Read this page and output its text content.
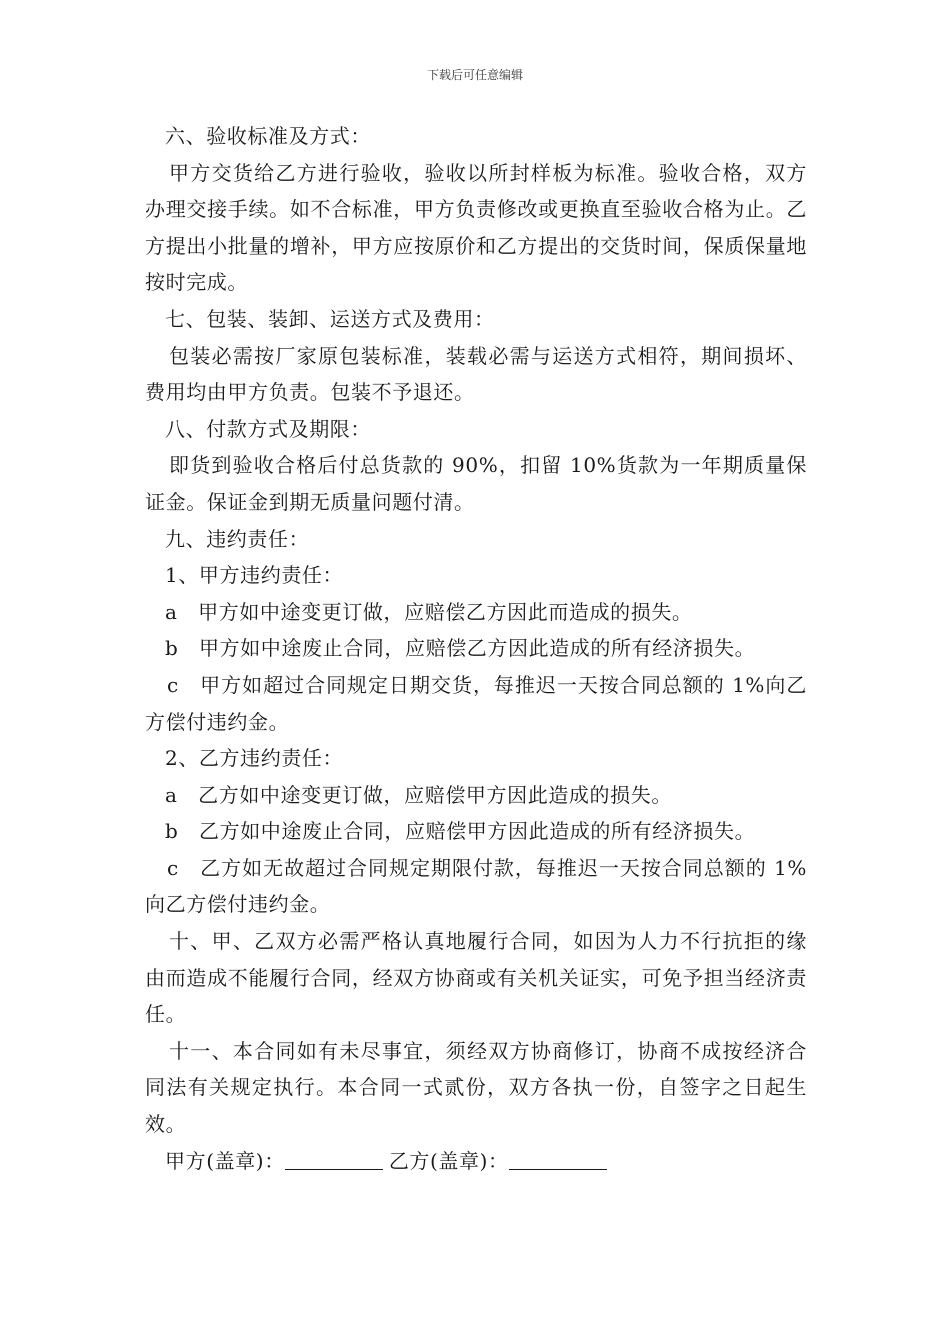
下载后可任意编辑

六、验收标准及方式：

甲方交货给乙方进行验收，验收以所封样板为标准。验收合格，双方办理交接手续。如不合标准，甲方负责修改或更换直至验收合格为止。乙方提出小批量的增补，甲方应按原价和乙方提出的交货时间，保质保量地按时完成。

七、包装、装卸、运送方式及费用：

包装必需按厂家原包装标准，装载必需与运送方式相符，期间损坏、费用均由甲方负责。包装不予退还。

八、付款方式及期限：

即货到验收合格后付总货款的 90%，扣留 10%货款为一年期质量保证金。保证金到期无质量问题付清。

九、违约责任：

1、甲方违约责任：

a　甲方如中途变更订做，应赔偿乙方因此而造成的损失。

b　甲方如中途废止合同，应赔偿乙方因此造成的所有经济损失。

c　甲方如超过合同规定日期交货，每推迟一天按合同总额的 1%向乙方偿付违约金。

2、乙方违约责任：

a　乙方如中途变更订做，应赔偿甲方因此造成的损失。

b　乙方如中途废止合同，应赔偿甲方因此造成的所有经济损失。

c　乙方如无故超过合同规定期限付款，每推迟一天按合同总额的 1%向乙方偿付违约金。

十、甲、乙双方必需严格认真地履行合同，如因为人力不行抗拒的缘由而造成不能履行合同，经双方协商或有关机关证实，可免予担当经济责任。

十一、本合同如有未尽事宜，须经双方协商修订，协商不成按经济合同法有关规定执行。本合同一式贰份，双方各执一份，自签字之日起生效。

甲方(盖章)：	乙方(盖章)：
